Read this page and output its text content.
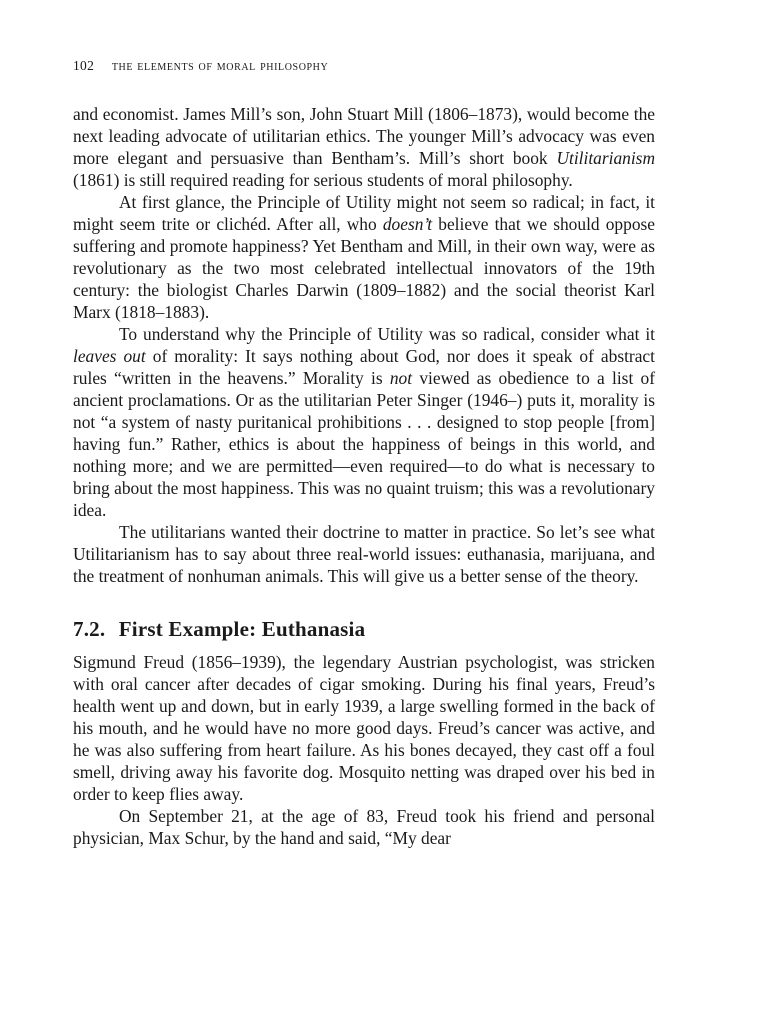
102 the elements of moral philosophy

and economist. James Mill’s son, John Stuart Mill (1806–1873), would become the next leading advocate of utilitarian ethics. The younger Mill’s advocacy was even more elegant and persuasive than Bentham’s. Mill’s short book Utilitarianism (1861) is still required reading for serious students of moral philosophy.

At first glance, the Principle of Utility might not seem so radical; in fact, it might seem trite or clichéd. After all, who doesn’t believe that we should oppose suffering and promote happiness? Yet Bentham and Mill, in their own way, were as revolutionary as the two most celebrated intellectual innovators of the 19th century: the biologist Charles Darwin (1809–1882) and the social theorist Karl Marx (1818–1883).

To understand why the Principle of Utility was so radical, consider what it leaves out of morality: It says nothing about God, nor does it speak of abstract rules “written in the heavens.” Morality is not viewed as obedience to a list of ancient proclamations. Or as the utilitarian Peter Singer (1946–) puts it, morality is not “a system of nasty puritanical prohibitions . . . designed to stop people [from] having fun.” Rather, ethics is about the happiness of beings in this world, and nothing more; and we are permitted—even required—to do what is necessary to bring about the most happiness. This was no quaint truism; this was a revolutionary idea.

The utilitarians wanted their doctrine to matter in practice. So let’s see what Utilitarianism has to say about three real-world issues: euthanasia, marijuana, and the treatment of nonhuman animals. This will give us a better sense of the theory.

7.2. First Example: Euthanasia

Sigmund Freud (1856–1939), the legendary Austrian psychologist, was stricken with oral cancer after decades of cigar smoking. During his final years, Freud’s health went up and down, but in early 1939, a large swelling formed in the back of his mouth, and he would have no more good days. Freud’s cancer was active, and he was also suffering from heart failure. As his bones decayed, they cast off a foul smell, driving away his favorite dog. Mosquito netting was draped over his bed in order to keep flies away.

On September 21, at the age of 83, Freud took his friend and personal physician, Max Schur, by the hand and said, “My dear
